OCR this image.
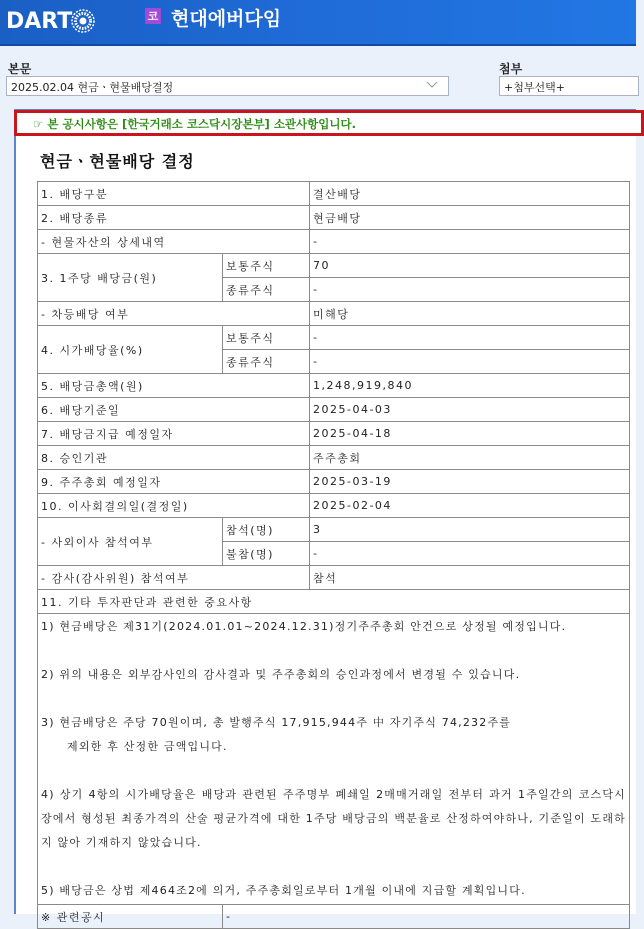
DART	코 현대에버다임
본문
2025.02.04 현금ㆍ현물배당결정
첨부
+첨부선택+
☞ 본 공시사항은 [한국거래소 코스닥시장본부] 소관사항입니다.
현금ㆍ현물배당 결정
1. 배당구분		결산배당
2. 배당종류		현금배당
- 현물자산의 상세내역		-
3. 1주당 배당금(원)	보통주식	70
	종류주식	-
- 차등배당 여부		미해당
4. 시가배당율(%)	보통주식	-
	종류주식	-
5. 배당금총액(원)		1,248,919,840
6. 배당기준일		2025-04-03
7. 배당금지급 예정일자		2025-04-18
8. 승인기관		주주총회
9. 주주총회 예정일자		2025-03-19
10. 이사회결의일(결정일)		2025-02-04
- 사외이사 참석여부	참석(명)	3
	불참(명)	-
- 감사(감사위원) 참석여부		참석
11. 기타 투자판단과 관련한 중요사항		

1) 현금배당은 제31기(2024.01.01~2024.12.31)정기주주총회 안건으로 상정될 예정입니다.

2) 위의 내용은 외부감사인의 감사결과 및 주주총회의 승인과정에서 변경될 수 있습니다.

3) 현금배당은 주당 70원이며, 총 발행주식 17,915,944주 中 자기주식 74,232주를

제외한 후 산정한 금액입니다.

4) 상기 4항의 시가배당율은 배당과 관련된 주주명부 폐쇄일 2매매거래일 전부터 과거 1주일간의 코스닥시장에서 형성된 최종가격의 산술 평균가격에 대한 1주당 배당금의 백분율로 산정하여야하나, 기준일이 도래하지 않아 기재하지 않았습니다.

5) 배당금은 상법 제464조2에 의거, 주주총회일로부터 1개월 이내에 지급할 계획입니다.

※ 관련공시	-	
